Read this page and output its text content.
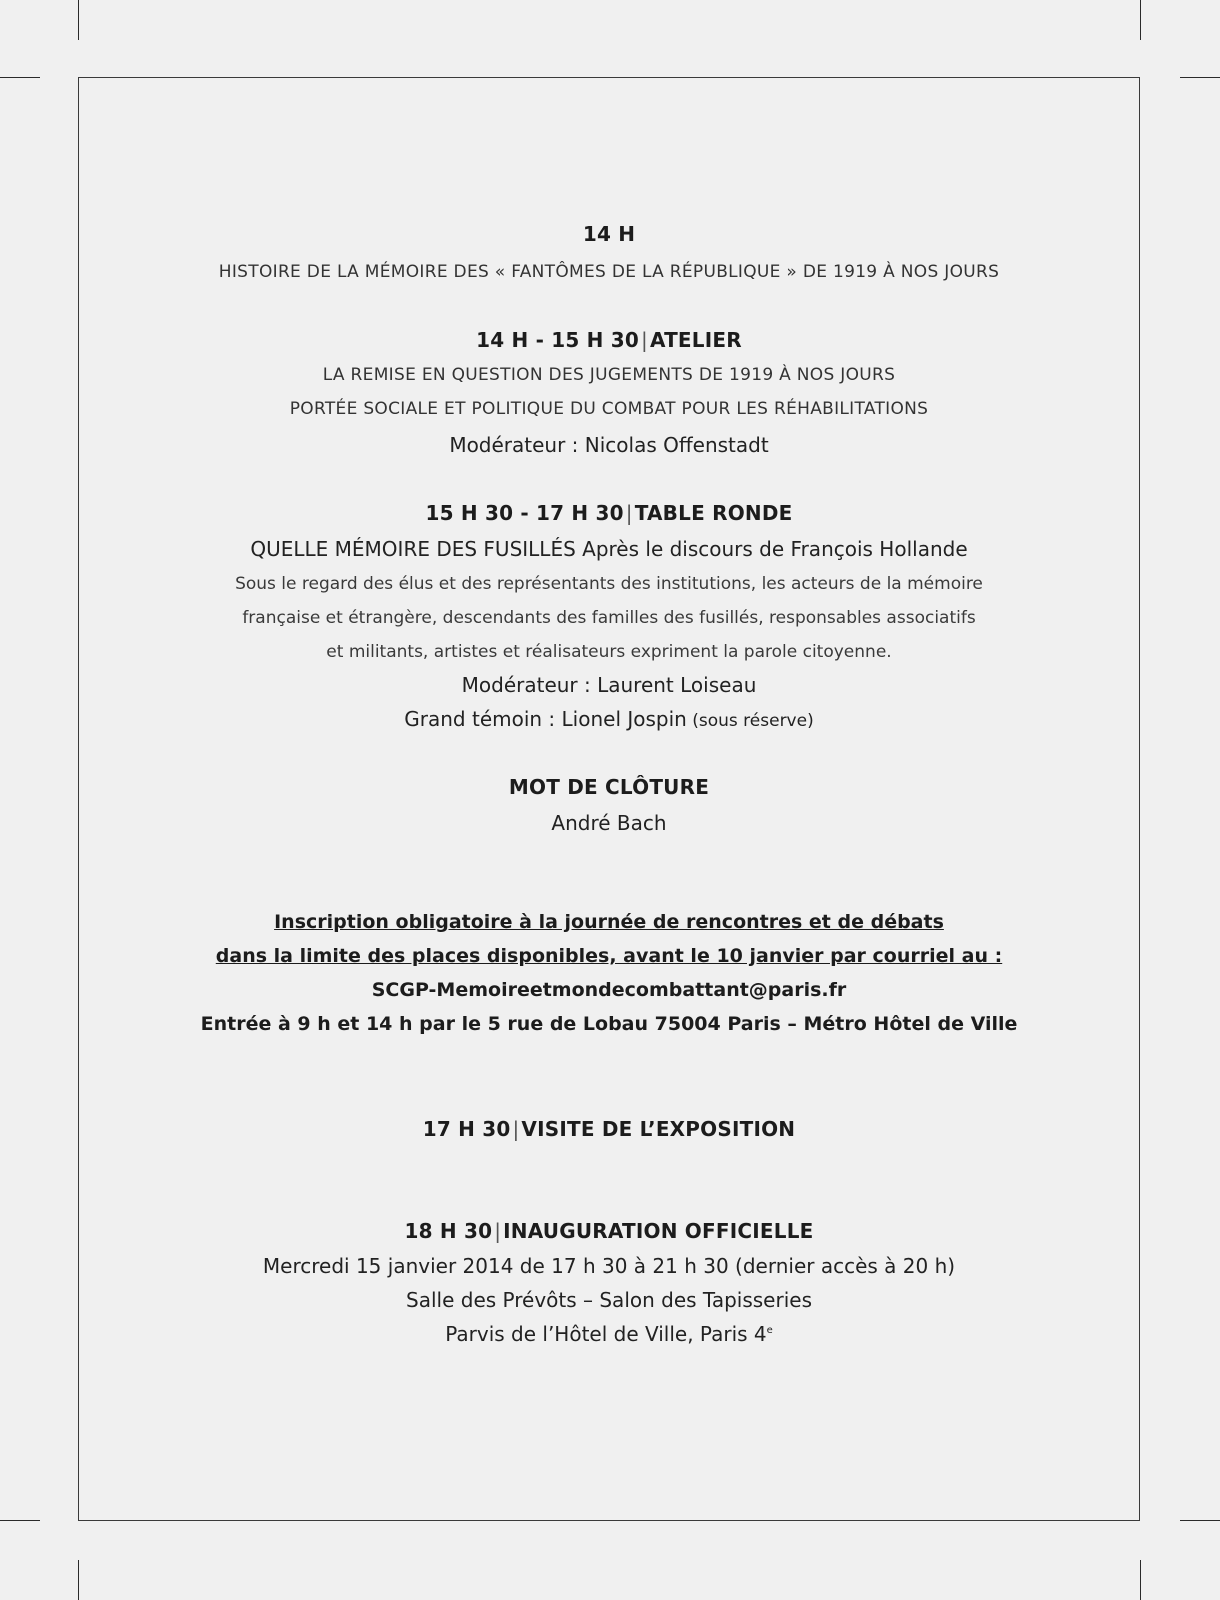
14 H
HISTOIRE DE LA MÉMOIRE DES « FANTÔMES DE LA RÉPUBLIQUE » DE 1919 À NOS JOURS
14 H - 15 H 30 | ATELIER
LA REMISE EN QUESTION DES JUGEMENTS DE 1919 À NOS JOURS
PORTÉE SOCIALE ET POLITIQUE DU COMBAT POUR LES RÉHABILITATIONS
Modérateur : Nicolas Offenstadt
15 H 30 - 17 H 30 | TABLE RONDE
QUELLE MÉMOIRE DES FUSILLÉS Après le discours de François Hollande
Sous le regard des élus et des représentants des institutions, les acteurs de la mémoire
française et étrangère, descendants des familles des fusillés, responsables associatifs
et militants, artistes et réalisateurs expriment la parole citoyenne.
Modérateur : Laurent Loiseau
Grand témoin : Lionel Jospin (sous réserve)
MOT DE CLÔTURE
André Bach
Inscription obligatoire à la journée de rencontres et de débats
dans la limite des places disponibles, avant le 10 janvier par courriel au :
SCGP-Memoireetmondecombattant@paris.fr
Entrée à 9 h et 14 h par le 5 rue de Lobau 75004 Paris – Métro Hôtel de Ville
17 H 30 | VISITE DE L’EXPOSITION
18 H 30 | INAUGURATION OFFICIELLE
Mercredi 15 janvier 2014 de 17 h 30 à 21 h 30 (dernier accès à 20 h)
Salle des Prévôts – Salon des Tapisseries
Parvis de l’Hôtel de Ville, Paris 4e
